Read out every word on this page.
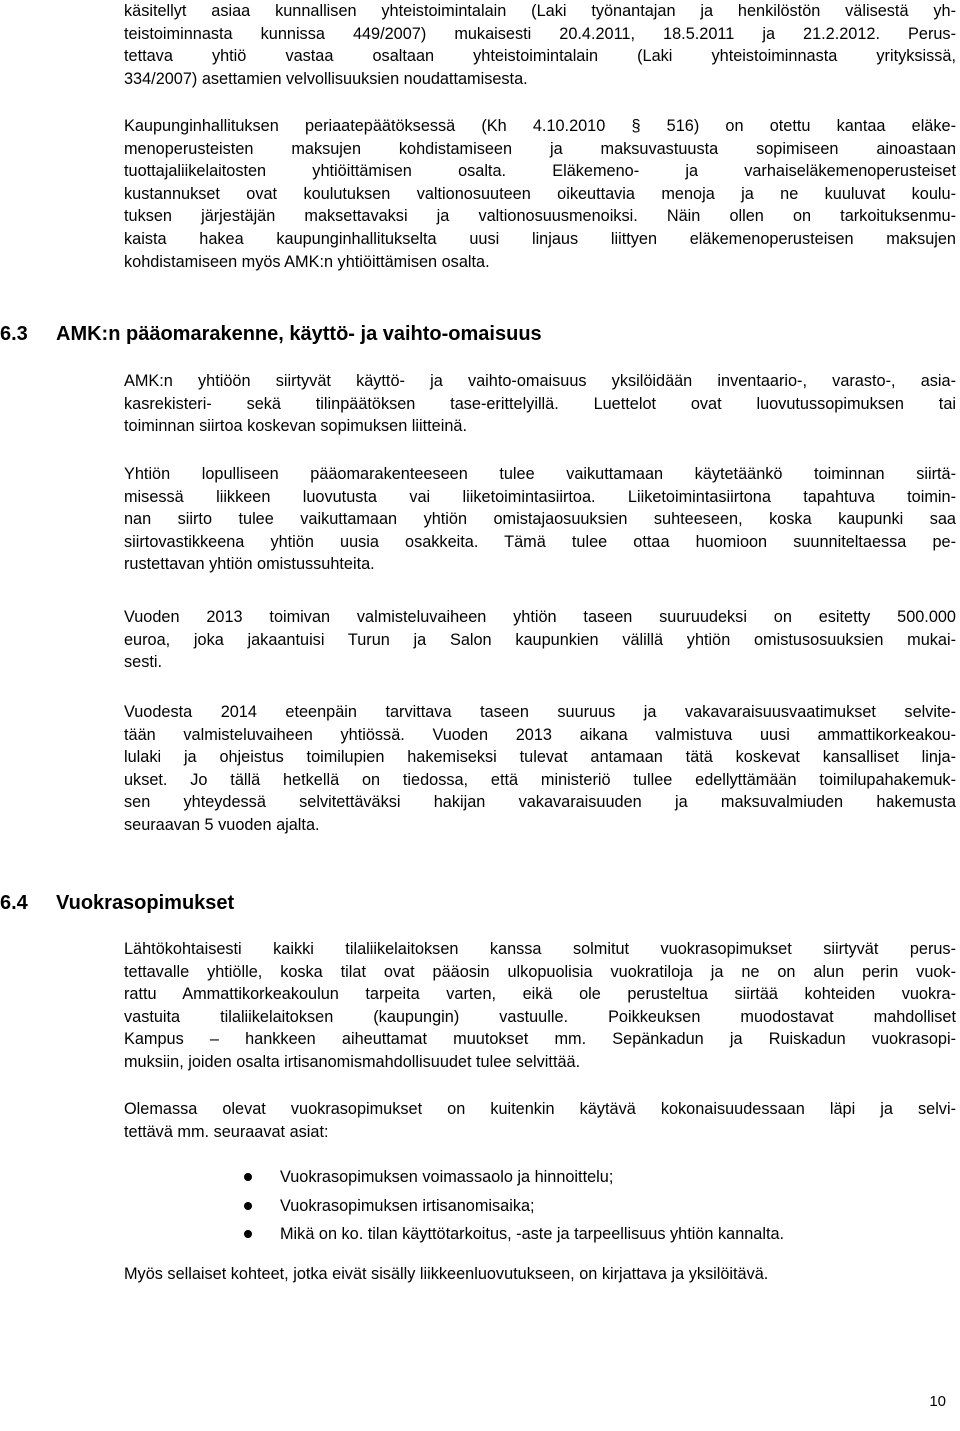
käsitellyt asiaa kunnallisen yhteistoimintalain (Laki työnantajan ja henkilöstön välisestä yh-
teistoiminnasta kunnissa 449/2007) mukaisesti 20.4.2011, 18.5.2011 ja 21.2.2012. Perus-
tettava yhtiö vastaa osaltaan yhteistoimintalain (Laki yhteistoiminnasta yrityksissä,
334/2007) asettamien velvollisuuksien noudattamisesta.
Kaupunginhallituksen periaatepäätöksessä (Kh 4.10.2010 § 516) on otettu kantaa eläke-
menoperusteisten maksujen kohdistamiseen ja maksuvastuusta sopimiseen ainoastaan
tuottajaliikelaitosten yhtiöittämisen osalta. Eläkemeno- ja varhaiseläkemenoperusteiset
kustannukset ovat koulutuksen valtionosuuteen oikeuttavia menoja ja ne kuuluvat koulu-
tuksen järjestäjän maksettavaksi ja valtionosuusmenoiksi. Näin ollen on tarkoituksenmu-
kaista hakea kaupunginhallitukselta uusi linjaus liittyen eläkemenoperusteisen maksujen
kohdistamiseen myös AMK:n yhtiöittämisen osalta.
6.3 AMK:n pääomarakenne, käyttö- ja vaihto-omaisuus
AMK:n yhtiöön siirtyvät käyttö- ja vaihto-omaisuus yksilöidään inventaario-, varasto-, asia-
kasrekisteri- sekä tilinpäätöksen tase-erittelyillä. Luettelot ovat luovutussopimuksen tai
toiminnan siirtoa koskevan sopimuksen liitteinä.
Yhtiön lopulliseen pääomarakenteeseen tulee vaikuttamaan käytetäänkö toiminnan siirtä-
misessä liikkeen luovutusta vai liiketoimintasiirtoa. Liiketoimintasiirtona tapahtuva toimin-
nan siirto tulee vaikuttamaan yhtiön omistajaosuuksien suhteeseen, koska kaupunki saa
siirtovastikkeena yhtiön uusia osakkeita. Tämä tulee ottaa huomioon suunniteltaessa pe-
rustettavan yhtiön omistussuhteita.
Vuoden 2013 toimivan valmisteluvaiheen yhtiön taseen suuruudeksi on esitetty 500.000
euroa, joka jakaantuisi Turun ja Salon kaupunkien välillä yhtiön omistusosuuksien mukai-
sesti.
Vuodesta 2014 eteenpäin tarvittava taseen suuruus ja vakavaraisuusvaatimukset selvite-
tään valmisteluvaiheen yhtiössä. Vuoden 2013 aikana valmistuva uusi ammattikorkeakou-
lulaki ja ohjeistus toimilupien hakemiseksi tulevat antamaan tätä koskevat kansalliset linja-
ukset. Jo tällä hetkellä on tiedossa, että ministeriö tullee edellyttämään toimilupahakemuk-
sen yhteydessä selvitettäväksi hakijan vakavaraisuuden ja maksuvalmiuden hakemusta
seuraavan 5 vuoden ajalta.
6.4 Vuokrasopimukset
Lähtökohtaisesti kaikki tilaliikelaitoksen kanssa solmitut vuokrasopimukset siirtyvät perus-
tettavalle yhtiölle, koska tilat ovat pääosin ulkopuolisia vuokratiloja ja ne on alun perin vuok-
rattu Ammattikorkeakoulun tarpeita varten, eikä ole perusteltua siirtää kohteiden vuokra-
vastuita tilaliikelaitoksen (kaupungin) vastuulle. Poikkeuksen muodostavat mahdolliset
Kampus – hankkeen aiheuttamat muutokset mm. Sepänkadun ja Ruiskadun vuokrasopi-
muksiin, joiden osalta irtisanomismahdollisuudet tulee selvittää.
Olemassa olevat vuokrasopimukset on kuitenkin käytävä kokonaisuudessaan läpi ja selvi-
tettävä mm. seuraavat asiat:
Vuokrasopimuksen voimassaolo ja hinnoittelu;
Vuokrasopimuksen irtisanomisaika;
Mikä on ko. tilan käyttötarkoitus, -aste ja tarpeellisuus yhtiön kannalta.
Myös sellaiset kohteet, jotka eivät sisälly liikkeenluovutukseen, on kirjattava ja yksilöitävä.
10
